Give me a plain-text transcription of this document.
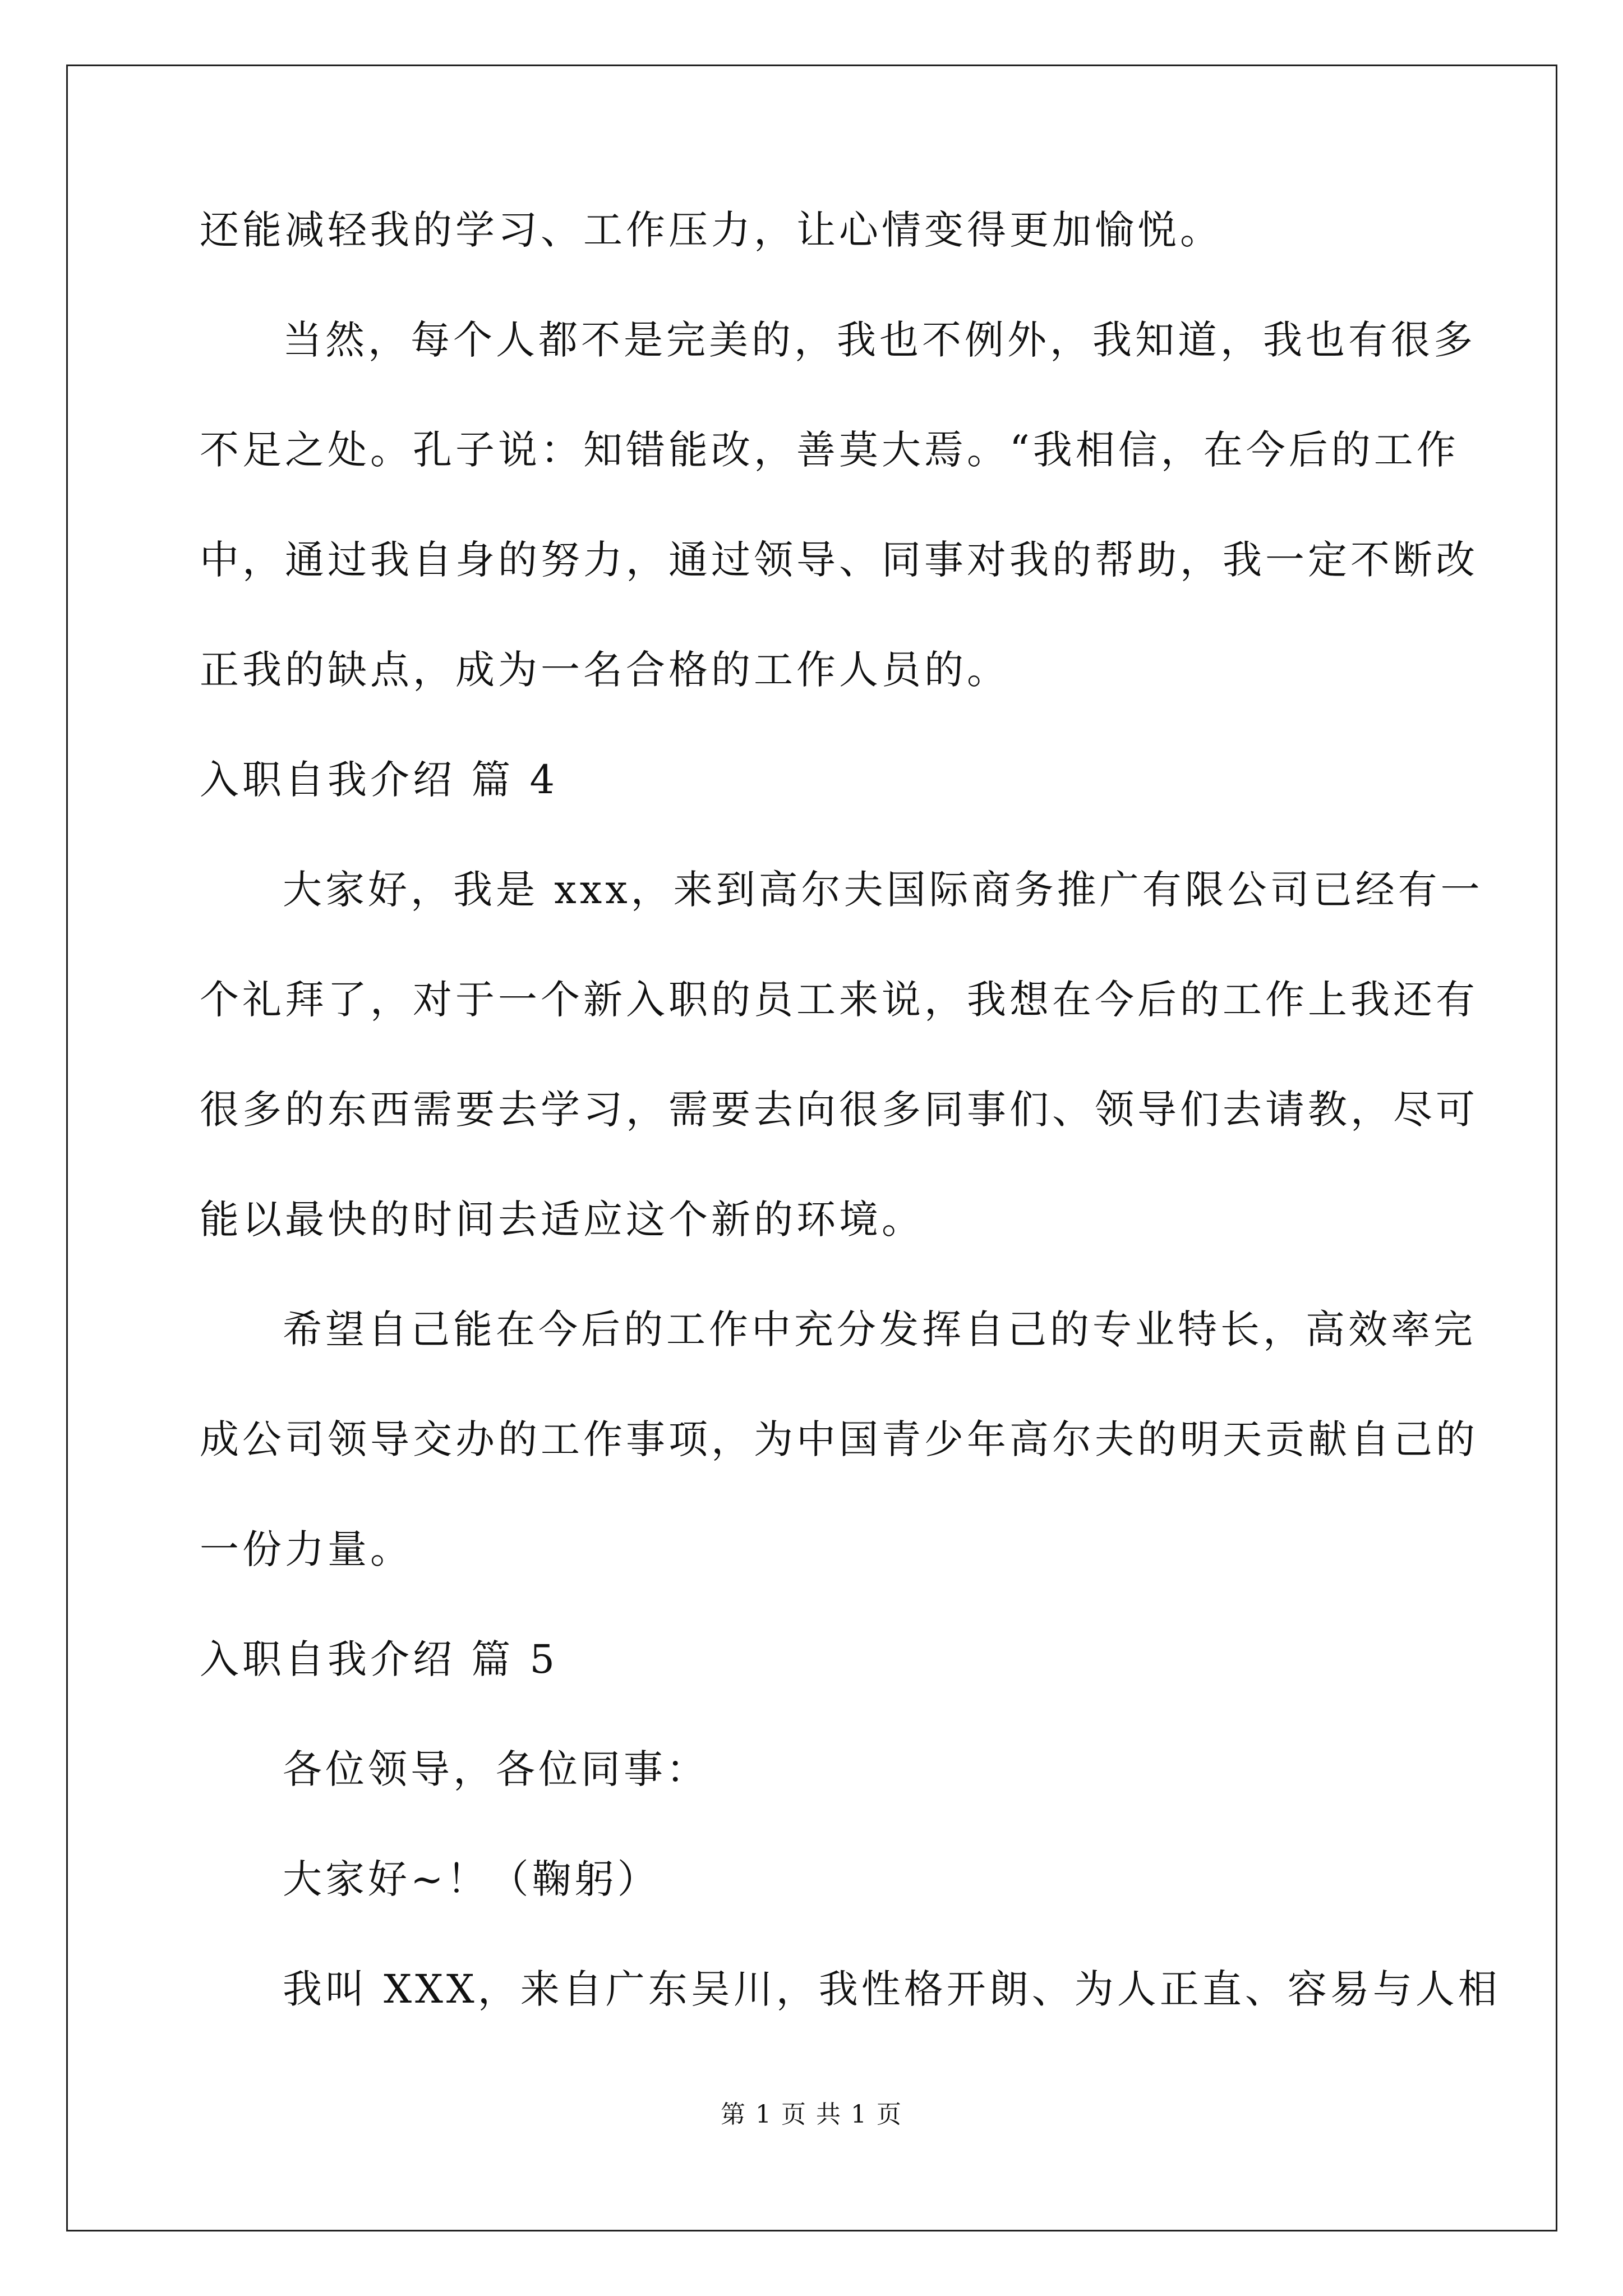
还能减轻我的学习、工作压力，让心情变得更加愉悦。
当然，每个人都不是完美的，我也不例外，我知道，我也有很多
不足之处。孔子说：知错能改，善莫大焉。“我相信，在今后的工作
中，通过我自身的努力，通过领导、同事对我的帮助，我一定不断改
正我的缺点，成为一名合格的工作人员的。
入职自我介绍 篇 4
大家好，我是 xxx，来到高尔夫国际商务推广有限公司已经有一
个礼拜了，对于一个新入职的员工来说，我想在今后的工作上我还有
很多的东西需要去学习，需要去向很多同事们、领导们去请教，尽可
能以最快的时间去适应这个新的环境。
希望自己能在今后的工作中充分发挥自己的专业特长，高效率完
成公司领导交办的工作事项，为中国青少年高尔夫的明天贡献自己的
一份力量。
入职自我介绍 篇 5
各位领导，各位同事：
大家好~！（鞠躬）
我叫 XXX，来自广东吴川，我性格开朗、为人正直、容易与人相
第 1 页 共 1 页
